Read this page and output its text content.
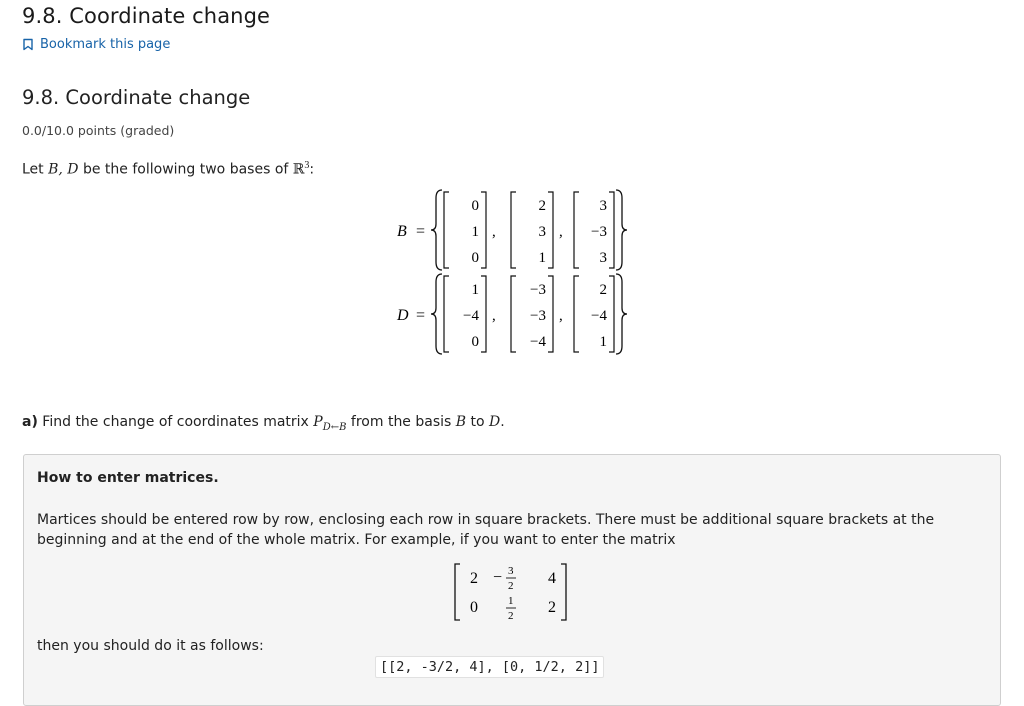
9.8. Coordinate change
Bookmark this page
9.8. Coordinate change
0.0/10.0 points (graded)
Let B, D be the following two bases of ℝ$^3$:
B =
0
1
0
,
2
3
1
,
3
−3
3
D =
1
−4
0
,
−3
−3
−4
,
2
−4
1
a) Find the change of coordinates matrix $P_{D\leftarrow B}$ from the basis B to D.
How to enter matrices.
Martices should be entered row by row, enclosing each row in square brackets. There must be additional square brackets at the beginning and at the end of the whole matrix. For example, if you want to enter the matrix
2 − 3
2 4
0	1
2 2
then you should do it as follows:
[[2, -3/2, 4], [0, 1/2, 2]]
